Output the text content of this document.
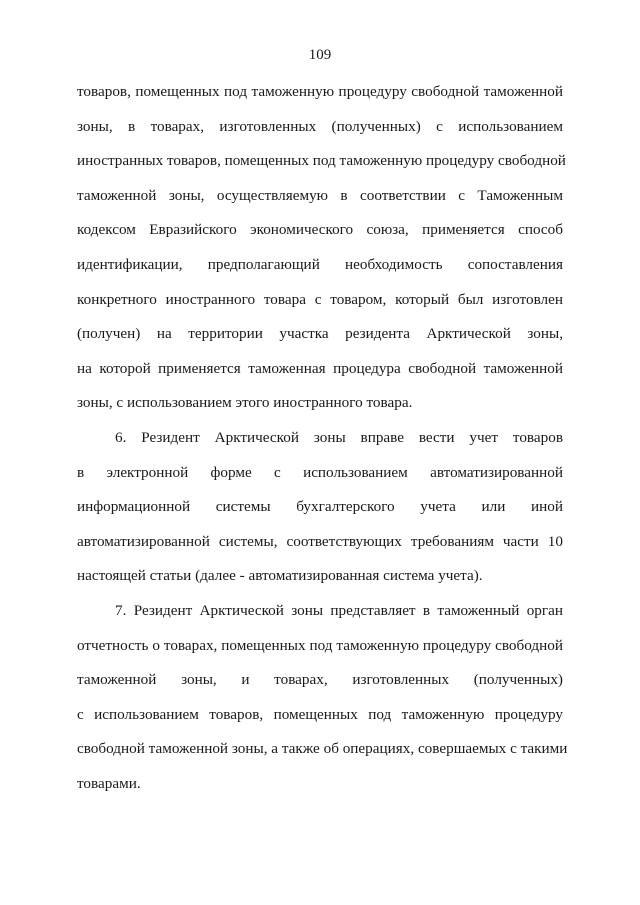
109
товаров, помещенных под таможенную процедуру свободной таможенной
зоны, в товарах, изготовленных (полученных) с использованием
иностранных товаров, помещенных под таможенную процедуру свободной
таможенной зоны, осуществляемую в соответствии с Таможенным
кодексом Евразийского экономического союза, применяется способ
идентификации, предполагающий необходимость сопоставления
конкретного иностранного товара с товаром, который был изготовлен
(получен) на территории участка резидента Арктической зоны,
на которой применяется таможенная процедура свободной таможенной
зоны, с использованием этого иностранного товара.
6. Резидент Арктической зоны вправе вести учет товаров
в электронной форме с использованием автоматизированной
информационной системы бухгалтерского учета или иной
автоматизированной системы, соответствующих требованиям части 10
настоящей статьи (далее - автоматизированная система учета).
7. Резидент Арктической зоны представляет в таможенный орган
отчетность о товарах, помещенных под таможенную процедуру свободной
таможенной зоны, и товарах, изготовленных (полученных)
с использованием товаров, помещенных под таможенную процедуру
свободной таможенной зоны, а также об операциях, совершаемых с такими
товарами.
